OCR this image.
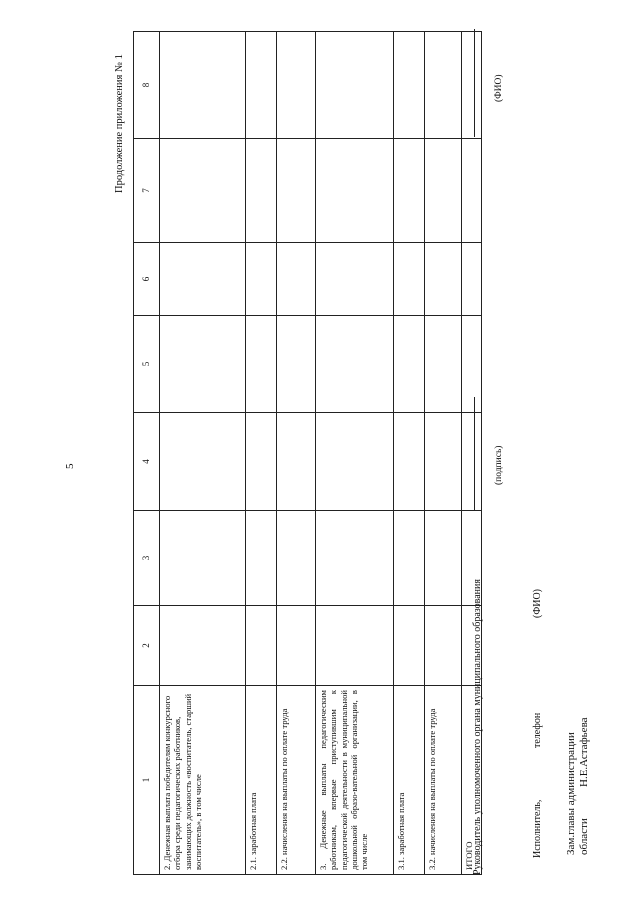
5
Продолжение приложения № 1
1	2	3	4	5	6	7	8
2. Денежная выплата победителям конкурсного отбора среди педагогических работников, занимающих должность «воспитатель, старший воспитатель», в том числе							
2.1. заработная плата							
2.2. начисления на выплаты по оплате труда							
3. Денежные выплаты педагогическим работникам, впервые приступившим к педагогической деятельности в муниципальной дошкольной образо-вательной организации, в том числе							
3.1. заработная плата							
3.2. начисления на выплаты по оплате труда							
ИТОГО							
Руководитель уполномоченного органа муниципального образования
(подпись)
(ФИО)
Исполнитель,
телефон
(ФИО)
Зам.главы администрации области
Н.Е.Астафьева
